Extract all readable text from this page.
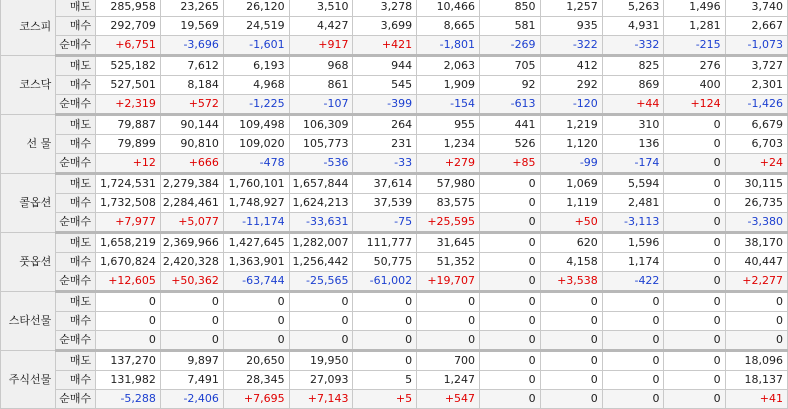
코스피	매도	285,958	23,265	26,120	3,510	3,278	10,466	850	1,257	5,263	1,496	3,740
	매수	292,709	19,569	24,519	4,427	3,699	8,665	581	935	4,931	1,281	2,667
	순매수	+6,751	-3,696	-1,601	+917	+421	-1,801	-269	-322	-332	-215	-1,073
코스닥	매도	525,182	7,612	6,193	968	944	2,063	705	412	825	276	3,727
	매수	527,501	8,184	4,968	861	545	1,909	92	292	869	400	2,301
	순매수	+2,319	+572	-1,225	-107	-399	-154	-613	-120	+44	+124	-1,426
선 물	매도	79,887	90,144	109,498	106,309	264	955	441	1,219	310	0	6,679
	매수	79,899	90,810	109,020	105,773	231	1,234	526	1,120	136	0	6,703
	순매수	+12	+666	-478	-536	-33	+279	+85	-99	-174	0	+24
콜옵션	매도	1,724,531	2,279,384	1,760,101	1,657,844	37,614	57,980	0	1,069	5,594	0	30,115
	매수	1,732,508	2,284,461	1,748,927	1,624,213	37,539	83,575	0	1,119	2,481	0	26,735
	순매수	+7,977	+5,077	-11,174	-33,631	-75	+25,595	0	+50	-3,113	0	-3,380
풋옵션	매도	1,658,219	2,369,966	1,427,645	1,282,007	111,777	31,645	0	620	1,596	0	38,170
	매수	1,670,824	2,420,328	1,363,901	1,256,442	50,775	51,352	0	4,158	1,174	0	40,447
	순매수	+12,605	+50,362	-63,744	-25,565	-61,002	+19,707	0	+3,538	-422	0	+2,277
스타선물	매도	0	0	0	0	0	0	0	0	0	0	0
	매수	0	0	0	0	0	0	0	0	0	0	0
	순매수	0	0	0	0	0	0	0	0	0	0	0
주식선물	매도	137,270	9,897	20,650	19,950	0	700	0	0	0	0	18,096
	매수	131,982	7,491	28,345	27,093	5	1,247	0	0	0	0	18,137
	순매수	-5,288	-2,406	+7,695	+7,143	+5	+547	0	0	0	0	+41
